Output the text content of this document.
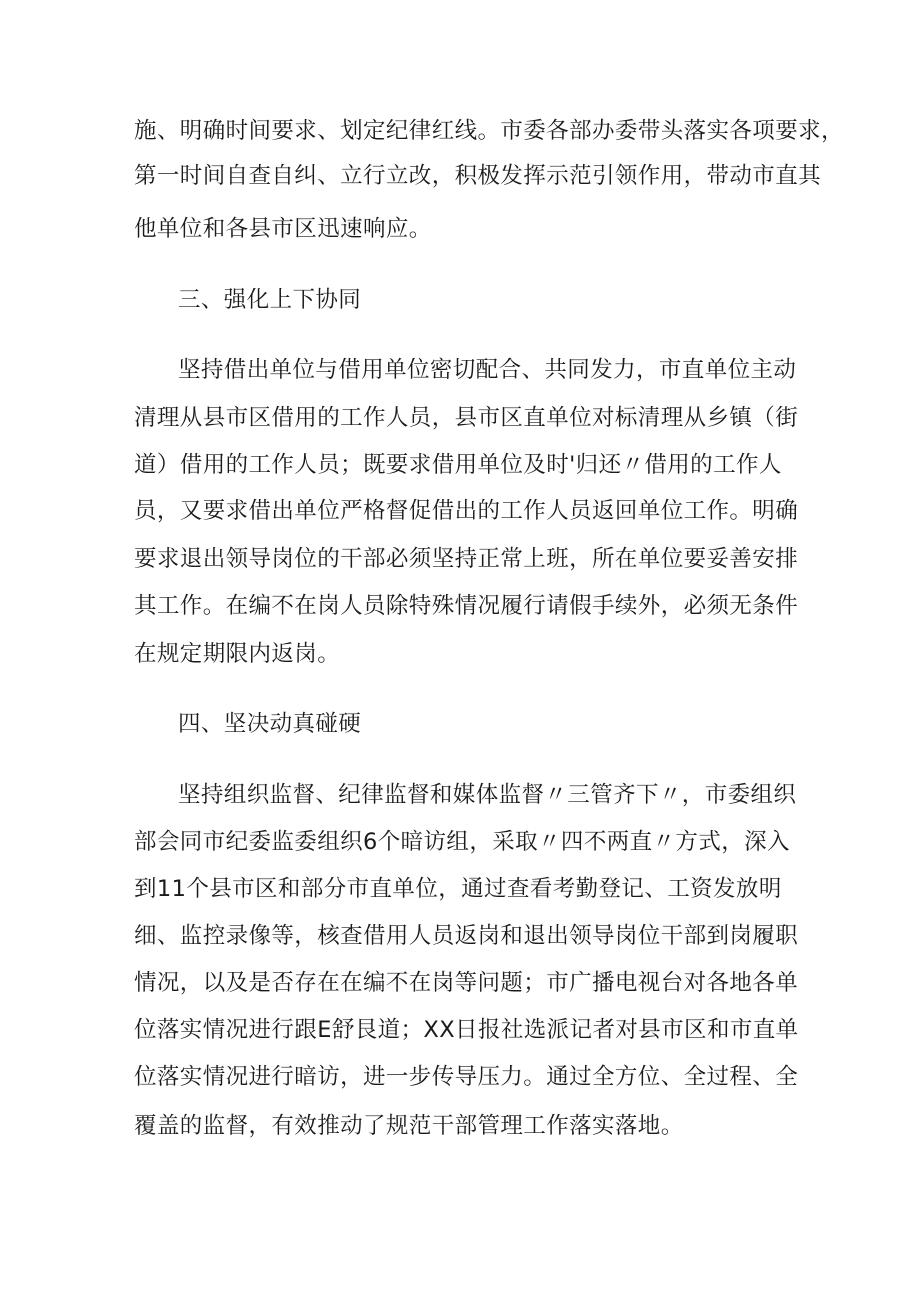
施、明确时间要求、划定纪律红线。市委各部办委带头落实各项要求，
第一时间自查自纠、立行立改，积极发挥示范引领作用，带动市直其
他单位和各县市区迅速响应。
三、强化上下协同
坚持借出单位与借用单位密切配合、共同发力，市直单位主动
清理从县市区借用的工作人员，县市区直单位对标清理从乡镇（街
道）借用的工作人员；既要求借用单位及时'归还〃借用的工作人
员，又要求借出单位严格督促借出的工作人员返回单位工作。明确
要求退出领导岗位的干部必须坚持正常上班，所在单位要妥善安排
其工作。在编不在岗人员除特殊情况履行请假手续外，必须无条件
在规定期限内返岗。
四、坚决动真碰硬
坚持组织监督、纪律监督和媒体监督〃三管齐下〃，市委组织
部会同市纪委监委组织6个暗访组，采取〃四不两直〃方式，深入
到11个县市区和部分市直单位，通过查看考勤登记、工资发放明
细、监控录像等，核查借用人员返岗和退出领导岗位干部到岗履职
情况，以及是否存在在编不在岗等问题；市广播电视台对各地各单
位落实情况进行跟E舒艮道；XX日报社选派记者对县市区和市直单
位落实情况进行暗访，进一步传导压力。通过全方位、全过程、全
覆盖的监督，有效推动了规范干部管理工作落实落地。
